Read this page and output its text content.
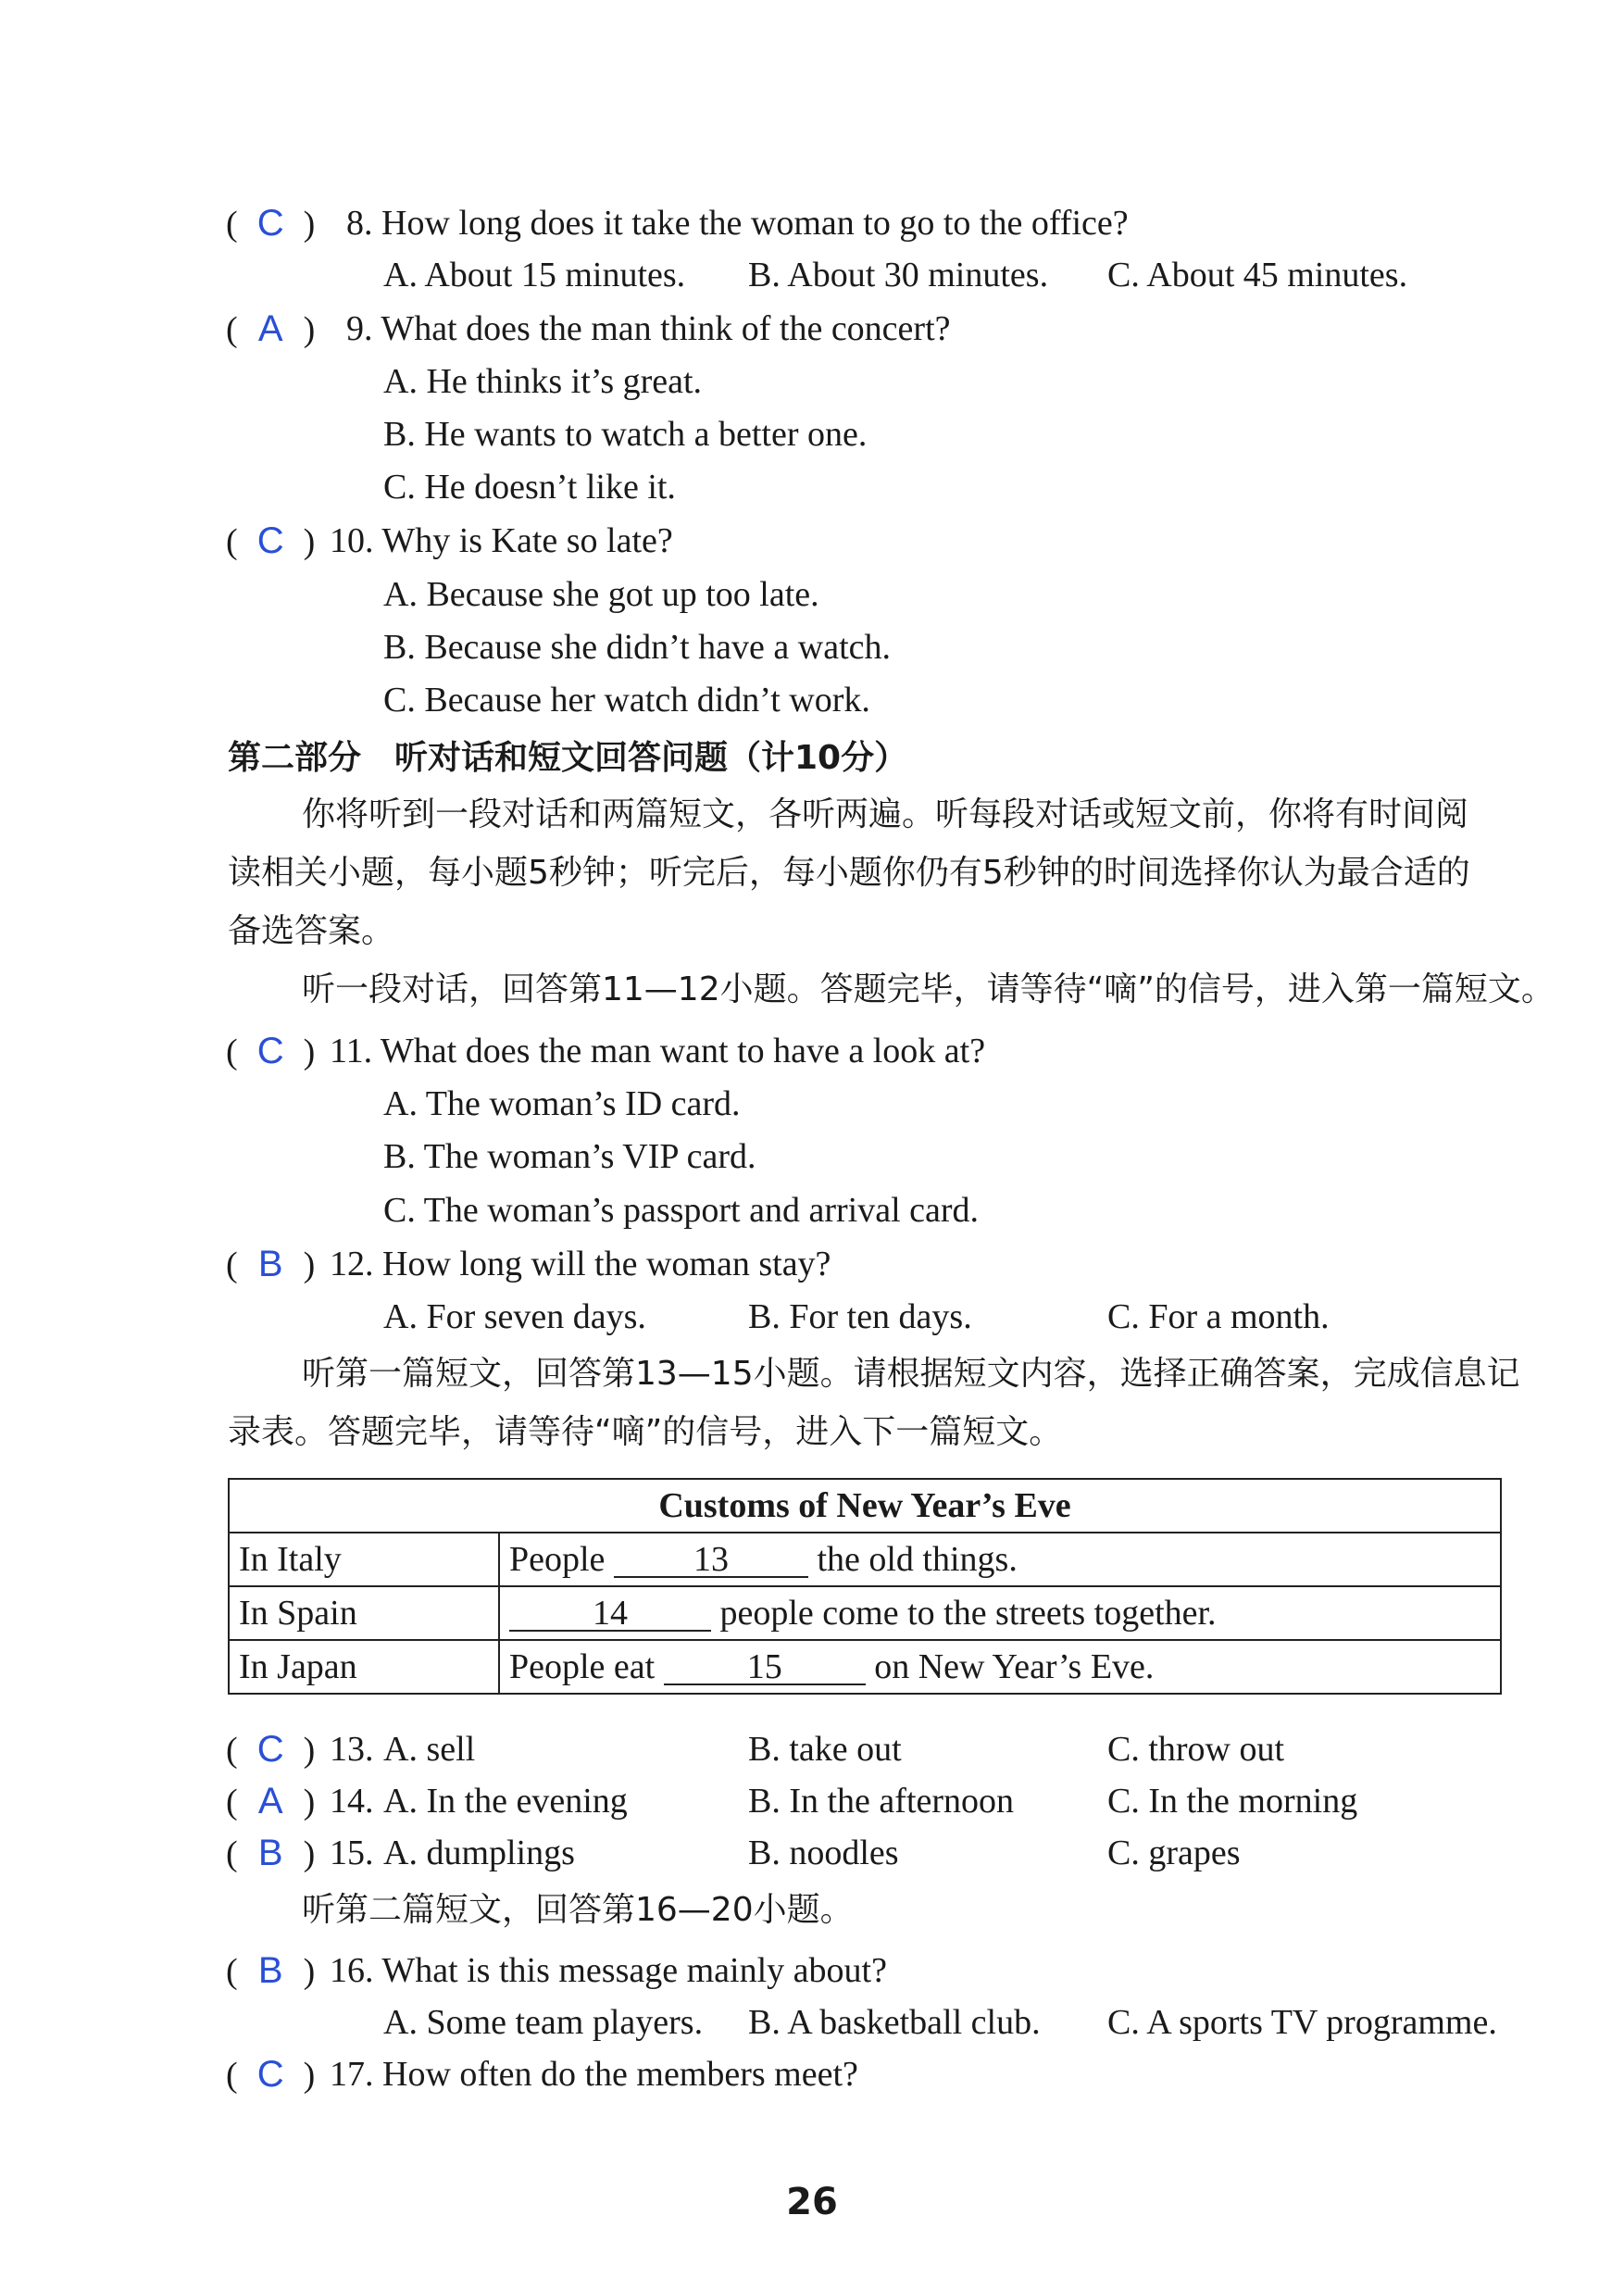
( C ) 8. How long does it take the woman to go to the office?
A. About 15 minutes. B. About 30 minutes. C. About 45 minutes.
( A ) 9. What does the man think of the concert?
A. He thinks it’s great.
B. He wants to watch a better one.
C. He doesn’t like it.
( C ) 10. Why is Kate so late?
A. Because she got up too late.
B. Because she didn’t have a watch.
C. Because her watch didn’t work.
第二部分　听对话和短文回答问题（计10分）
你将听到一段对话和两篇短文，各听两遍。听每段对话或短文前，你将有时间阅
读相关小题，每小题5秒钟；听完后，每小题你仍有5秒钟的时间选择你认为最合适的
备选答案。
听一段对话，回答第11—12小题。答题完毕，请等待“嘀”的信号，进入第一篇短文。
( C ) 11. What does the man want to have a look at?
A. The woman’s ID card.
B. The woman’s VIP card.
C. The woman’s passport and arrival card.
( B ) 12. How long will the woman stay?
A. For seven days.	B. For ten days.	C. For a month.
听第一篇短文，回答第13—15小题。请根据短文内容，选择正确答案，完成信息记
录表。答题完毕，请等待“嘀”的信号，进入下一篇短文。
Customs of New Year’s Eve	
In Italy	People 13 the old things.
In Spain	14 people come to the streets together.
In Japan	People eat 15 on New Year’s Eve.
( C ) 13. A. sell	B. take out	C. throw out
( A ) 14. A. In the evening	B. In the afternoon	C. In the morning
( B ) 15. A. dumplings	B. noodles	C. grapes
听第二篇短文，回答第16—20小题。
( B ) 16. What is this message mainly about?
A. Some team players. B. A basketball club. C. A sports TV programme.
( C ) 17. How often do the members meet?
26
